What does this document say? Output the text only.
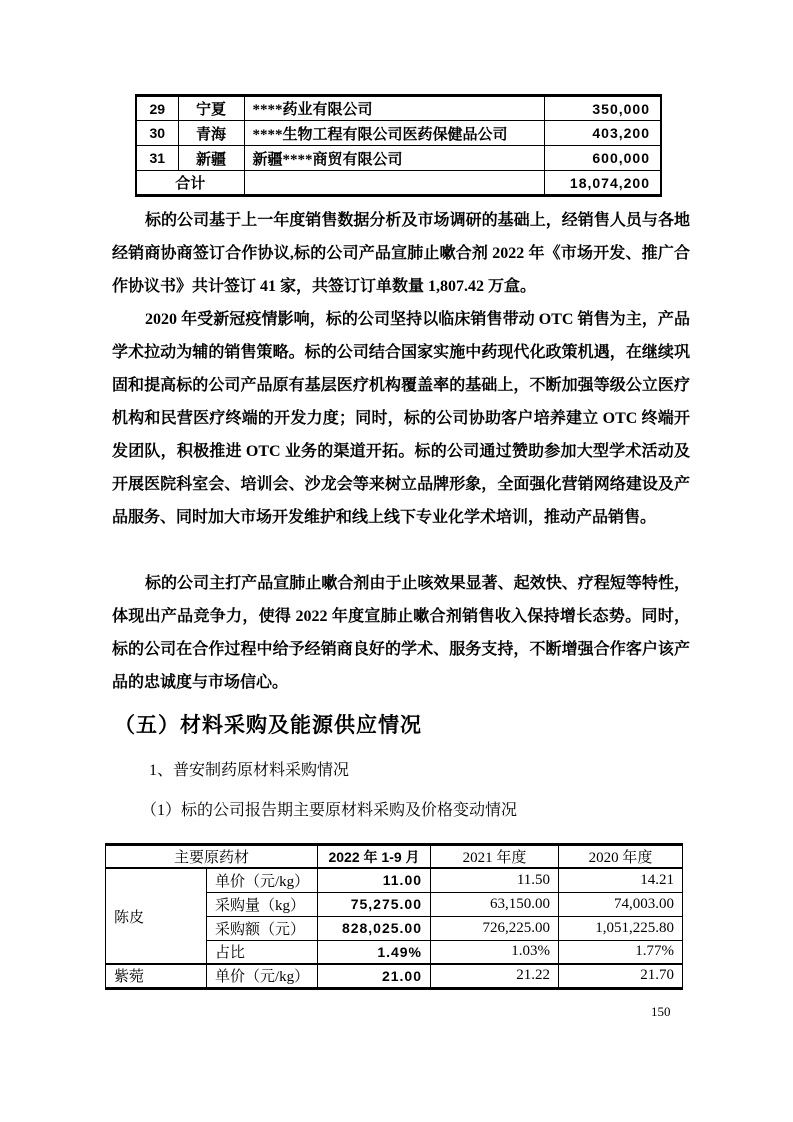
29	宁夏	****药业有限公司	350,000
30	青海	****生物工程有限公司医药保健品公司	403,200
31	新疆	新疆****商贸有限公司	600,000
合计			18,074,200

标的公司基于上一年度销售数据分析及市场调研的基础上，经销售人员与各地经销商协商签订合作协议,标的公司产品宣肺止嗽合剂 2022 年《市场开发、推广合作协议书》共计签订 41 家，共签订订单数量 1,807.42 万盒。

2020 年受新冠疫情影响，标的公司坚持以临床销售带动 OTC 销售为主，产品学术拉动为辅的销售策略。标的公司结合国家实施中药现代化政策机遇，在继续巩固和提高标的公司产品原有基层医疗机构覆盖率的基础上，不断加强等级公立医疗机构和民营医疗终端的开发力度；同时，标的公司协助客户培养建立 OTC 终端开发团队，积极推进 OTC 业务的渠道开拓。标的公司通过赞助参加大型学术活动及开展医院科室会、培训会、沙龙会等来树立品牌形象，全面强化营销网络建设及产品服务、同时加大市场开发维护和线上线下专业化学术培训，推动产品销售。

标的公司主打产品宣肺止嗽合剂由于止咳效果显著、起效快、疗程短等特性，体现出产品竞争力，使得 2022 年度宣肺止嗽合剂销售收入保持增长态势。同时，标的公司在合作过程中给予经销商良好的学术、服务支持，不断增强合作客户该产品的忠诚度与市场信心。

（五）材料采购及能源供应情况
1、普安制药原材料采购情况
（1）标的公司报告期主要原材料采购及价格变动情况
主要原药材		2022 年 1-9 月	2021 年度	2020 年度
陈皮	单价（元/kg）	11.00	11.50	14.21
	采购量（kg）	75,275.00	63,150.00	74,003.00
	采购额（元）	828,025.00	726,225.00	1,051,225.80
	占比	1.49%	1.03%	1.77%
紫菀	单价（元/kg）	21.00	21.22	21.70
150
